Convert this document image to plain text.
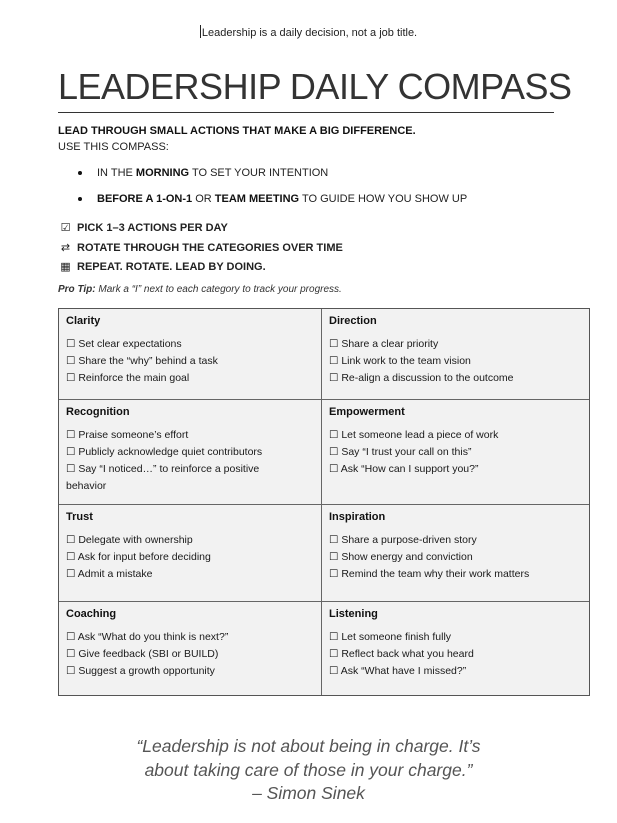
Leadership is a daily decision, not a job title.
LEADERSHIP DAILY COMPASS
LEAD THROUGH SMALL ACTIONS THAT MAKE A BIG DIFFERENCE.
USE THIS COMPASS:
IN THE MORNING TO SET YOUR INTENTION
BEFORE A 1-ON-1 OR TEAM MEETING TO GUIDE HOW YOU SHOW UP
☑ PICK 1–3 ACTIONS PER DAY
⇄ ROTATE THROUGH THE CATEGORIES OVER TIME
▦ REPEAT. ROTATE. LEAD BY DOING.
Pro Tip: Mark a “I” next to each category to track your progress.
Clarity
☐ Set clear expectations
☐ Share the “why” behind a task
☐ Reinforce the main goal
Direction
☐ Share a clear priority
☐ Link work to the team vision
☐ Re-align a discussion to the outcome
Recognition
☐ Praise someone’s effort
☐ Publicly acknowledge quiet contributors
☐ Say “I noticed…” to reinforce a positive
behavior
Empowerment
☐ Let someone lead a piece of work
☐ Say “I trust your call on this”
☐ Ask “How can I support you?”
Trust
☐ Delegate with ownership
☐ Ask for input before deciding
☐ Admit a mistake
Inspiration
☐ Share a purpose-driven story
☐ Show energy and conviction
☐ Remind the team why their work matters
Coaching
☐ Ask “What do you think is next?”
☐ Give feedback (SBI or BUILD)
☐ Suggest a growth opportunity
Listening
☐ Let someone finish fully
☐ Reflect back what you heard
☐ Ask “What have I missed?”
“Leadership is not about being in charge. It’s
about taking care of those in your charge.”
– Simon Sinek
